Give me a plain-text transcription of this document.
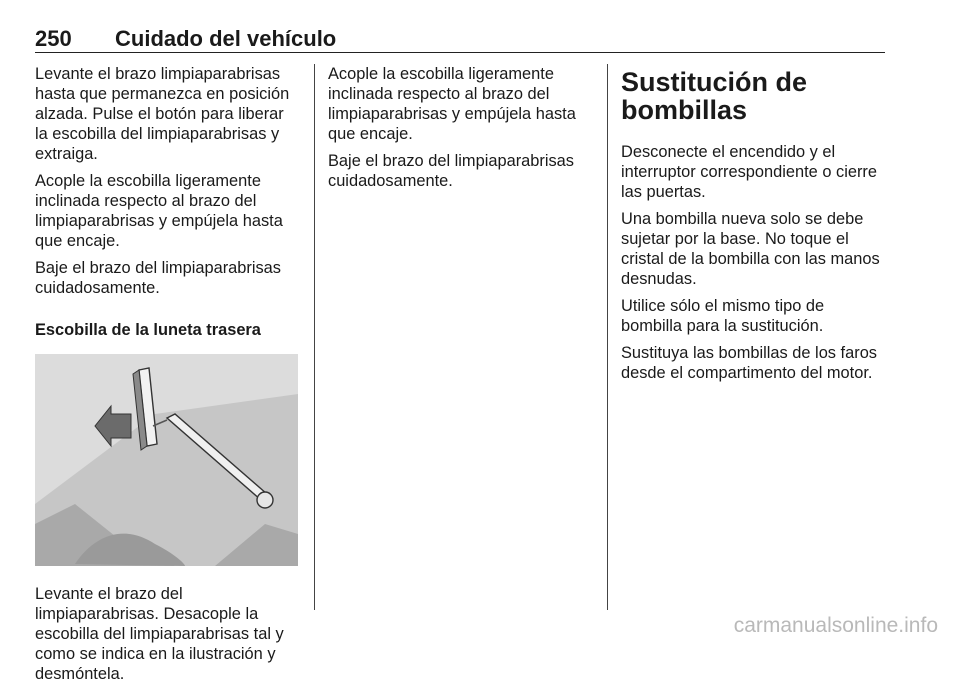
250 Cuidado del vehículo

Levante el brazo limpiaparabrisas hasta que permanezca en posición alzada. Pulse el botón para liberar la escobilla del limpiaparabrisas y extraiga.

Acople la escobilla ligeramente inclinada respecto al brazo del limpiaparabrisas y empújela hasta que encaje.

Baje el brazo del limpiaparabrisas cuidadosamente.

Escobilla de la luneta trasera

Levante el brazo del limpiaparabrisas. Desacople la escobilla del limpiaparabrisas tal y como se indica en la ilustración y desmóntela.

Acople la escobilla ligeramente inclinada respecto al brazo del limpiaparabrisas y empújela hasta que encaje.

Baje el brazo del limpiaparabrisas cuidadosamente.

Sustitución de bombillas

Desconecte el encendido y el interruptor correspondiente o cierre las puertas.

Una bombilla nueva solo se debe sujetar por la base. No toque el cristal de la bombilla con las manos desnudas.

Utilice sólo el mismo tipo de bombilla para la sustitución.

Sustituya las bombillas de los faros desde el compartimento del motor.

carmanualsonline.info
